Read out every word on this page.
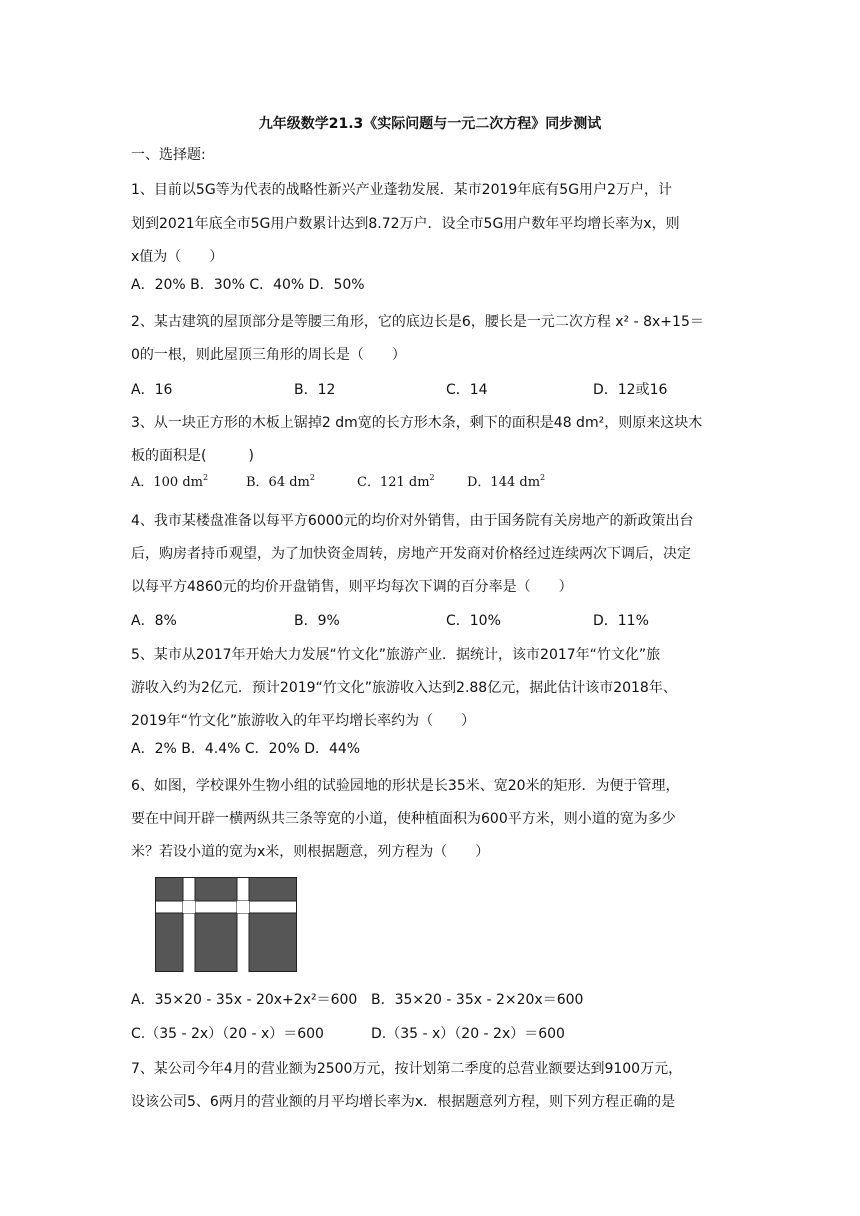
九年级数学21.3《实际问题与一元二次方程》同步测试
一、选择题:
1、目前以5G等为代表的战略性新兴产业蓬勃发展．某市2019年底有5G用户2万户，计
划到2021年底全市5G用户数累计达到8.72万户．设全市5G用户数年平均增长率为x，则
x值为（　　）
A．20% B．30% C．40% D．50%
2、某古建筑的屋顶部分是等腰三角形，它的底边长是6，腰长是一元二次方程 x² - 8x+15＝
0的一根，则此屋顶三角形的周长是（　　）
A．16	B．12	C．14	D．12或16
3、从一块正方形的木板上锯掉2 dm宽的长方形木条，剩下的面积是48 dm²，则原来这块木
板的面积是(　　　)
A．100 $dm^2$	B．64 $dm^2$	C．121 $dm^2$ D．144 $dm^2$
4、我市某楼盘准备以每平方6000元的均价对外销售，由于国务院有关房地产的新政策出台
后，购房者持币观望，为了加快资金周转，房地产开发商对价格经过连续两次下调后，决定
以每平方4860元的均价开盘销售，则平均每次下调的百分率是（　　）
A．8%	B．9%	C．10%	D．11%
5、某市从2017年开始大力发展“竹文化”旅游产业．据统计，该市2017年“竹文化”旅
游收入约为2亿元．预计2019“竹文化”旅游收入达到2.88亿元，据此估计该市2018年、
2019年“竹文化”旅游收入的年平均增长率约为（　　）
A．2% B．4.4% C．20% D．44%
6、如图，学校课外生物小组的试验园地的形状是长35米、宽20米的矩形．为便于管理，
要在中间开辟一横两纵共三条等宽的小道，使种植面积为600平方米，则小道的宽为多少
米？若设小道的宽为x米，则根据题意，列方程为（　　）
A．35×20 - 35x - 20x+2x²＝600 B．35×20 - 35x - 2×20x＝600
C.（35 - 2x）（20 - x）＝600	D.（35 - x）（20 - 2x）＝600
7、某公司今年4月的营业额为2500万元，按计划第二季度的总营业额要达到9100万元，
设该公司5、6两月的营业额的月平均增长率为x．根据题意列方程，则下列方程正确的是
